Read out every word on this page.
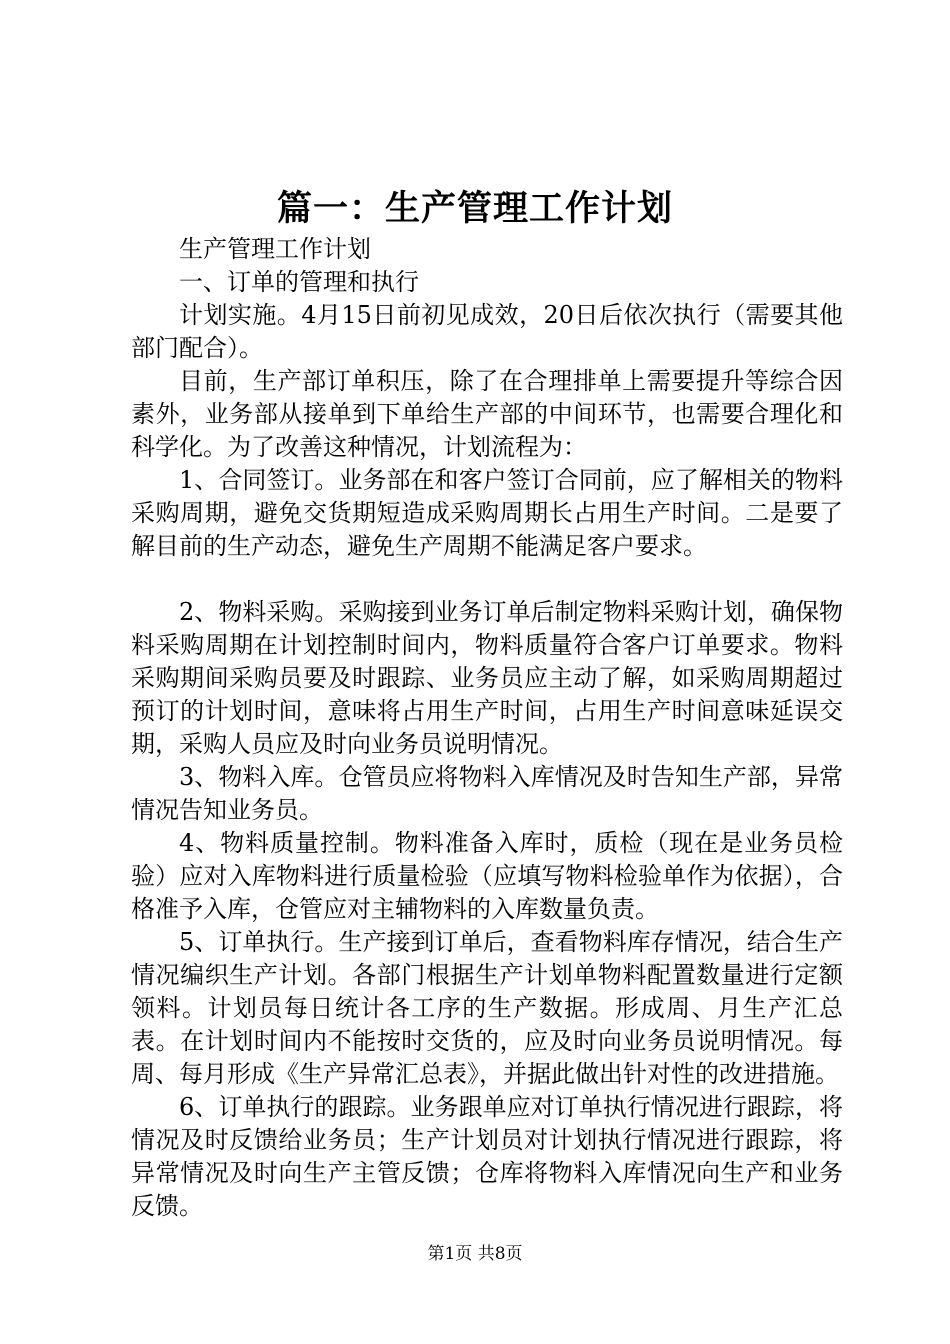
篇一：生产管理工作计划

生产管理工作计划

一、订单的管理和执行

计划实施。4月15日前初见成效，20日后依次执行（需要其他部门配合）。

目前，生产部订单积压，除了在合理排单上需要提升等综合因素外，业务部从接单到下单给生产部的中间环节，也需要合理化和科学化。为了改善这种情况，计划流程为：

1、合同签订。业务部在和客户签订合同前，应了解相关的物料采购周期，避免交货期短造成采购周期长占用生产时间。二是要了解目前的生产动态，避免生产周期不能满足客户要求。

2、物料采购。采购接到业务订单后制定物料采购计划，确保物料采购周期在计划控制时间内，物料质量符合客户订单要求。物料采购期间采购员要及时跟踪、业务员应主动了解，如采购周期超过预订的计划时间，意味将占用生产时间，占用生产时间意味延误交期，采购人员应及时向业务员说明情况。

3、物料入库。仓管员应将物料入库情况及时告知生产部，异常情况告知业务员。

4、物料质量控制。物料准备入库时，质检（现在是业务员检验）应对入库物料进行质量检验（应填写物料检验单作为依据），合格准予入库，仓管应对主辅物料的入库数量负责。

5、订单执行。生产接到订单后，查看物料库存情况，结合生产情况编织生产计划。各部门根据生产计划单物料配置数量进行定额领料。计划员每日统计各工序的生产数据。形成周、月生产汇总表。在计划时间内不能按时交货的，应及时向业务员说明情况。每周、每月形成《生产异常汇总表》，并据此做出针对性的改进措施。

6、订单执行的跟踪。业务跟单应对订单执行情况进行跟踪，将情况及时反馈给业务员；生产计划员对计划执行情况进行跟踪，将异常情况及时向生产主管反馈；仓库将物料入库情况向生产和业务反馈。

第1页 共8页
